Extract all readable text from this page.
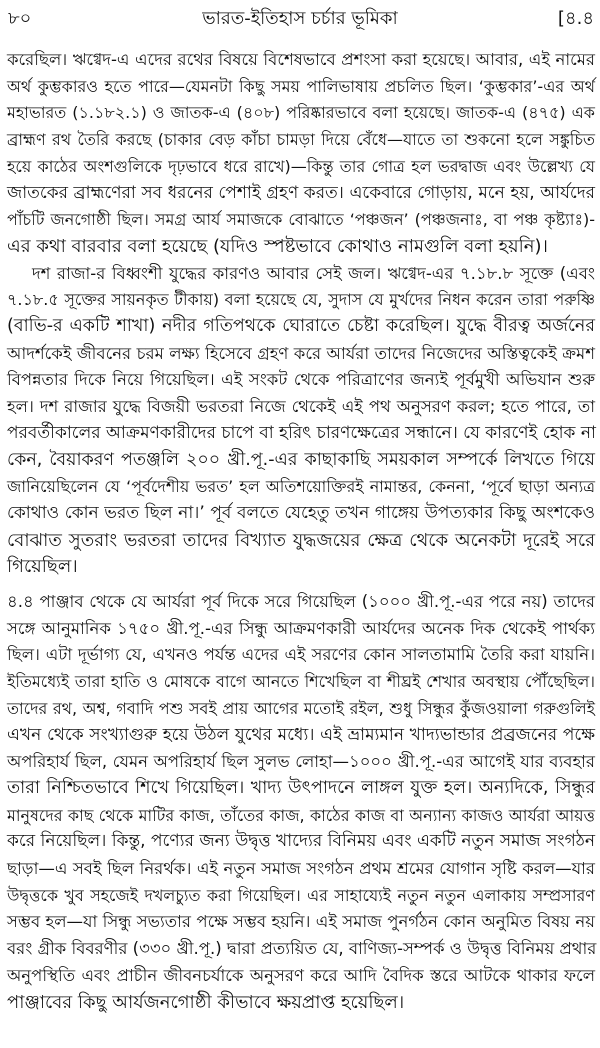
৮০	ভারত-ইতিহাস চর্চার ভূমিকা	[৪.৪
করেছিল। ঋগ্বেদ-এ এদের রথের বিষয়ে বিশেষভাবে প্রশংসা করা হয়েছে। আবার, এই নামের
অর্থ কুম্ভকারও হতে পারে—যেমনটা কিছু সময় পালিভাষায় প্রচলিত ছিল। ‘কুম্ভকার’-এর অর্থ
মহাভারত (১.১৮২.১) ও জাতক-এ (৪০৮) পরিষ্কারভাবে বলা হয়েছে। জাতক-এ (৪৭৫) এক
ব্রাহ্মণ রথ তৈরি করছে (চাকার বেড় কাঁচা চামড়া দিয়ে বেঁধে—যাতে তা শুকনো হলে সঙ্কুচিত
হয়ে কাঠের অংশগুলিকে দৃঢ়ভাবে ধরে রাখে)—কিন্তু তার গোত্র হল ভরদ্বাজ এবং উল্লেখ্য যে
জাতকের ব্রাহ্মণেরা সব ধরনের পেশাই গ্রহণ করত। একেবারে গোড়ায়, মনে হয়, আর্যদের
পাঁচটি জনগোষ্ঠী ছিল। সমগ্র আর্য সমাজকে বোঝাতে ‘পঞ্চজন’ (পঞ্চজনাঃ, বা পঞ্চ কৃষ্ট্যাঃ)-
এর কথা বারবার বলা হয়েছে (যদিও স্পষ্টভাবে কোথাও নামগুলি বলা হয়নি)।
দশ রাজা-র বিধ্বংশী যুদ্ধের কারণও আবার সেই জল। ঋগ্বেদ-এর ৭.১৮.৮ সূক্তে (এবং
৭.১৮.৫ সূক্তের সায়নকৃত টীকায়) বলা হয়েছে যে, সুদাস যে মুর্খদের নিধন করেন তারা পরুষ্ণি
(বাভি-র একটি শাখা) নদীর গতিপথকে ঘোরাতে চেষ্টা করেছিল। যুদ্ধে বীরত্ব অর্জনের
আদর্শকেই জীবনের চরম লক্ষ্য হিসেবে গ্রহণ করে আর্যরা তাদের নিজেদের অস্তিত্বকেই ক্রমশ
বিপন্নতার দিকে নিয়ে গিয়েছিল। এই সংকট থেকে পরিত্রাণের জন্যই পূর্বমুখী অভিযান শুরু
হল। দশ রাজার যুদ্ধে বিজয়ী ভরতরা নিজে থেকেই এই পথ অনুসরণ করল; হতে পারে, তা
পরবর্তীকালের আক্রমণকারীদের চাপে বা হরিৎ চারণক্ষেত্রের সন্ধানে। যে কারণেই হোক না
কেন, বৈয়াকরণ পতঞ্জলি ২০০ খ্রী.পূ.-এর কাছাকাছি সময়কাল সম্পর্কে লিখতে গিয়ে
জানিয়েছিলেন যে ‘পূর্বদেশীয় ভরত’ হল অতিশয়োক্তিরই নামান্তর, কেননা, ‘পূর্বে ছাড়া অন্যত্র
কোথাও কোন ভরত ছিল না।’ পূর্ব বলতে যেহেতু তখন গাঙ্গেয় উপত্যকার কিছু অংশকেও
বোঝাত সুতরাং ভরতরা তাদের বিখ্যাত যুদ্ধজয়ের ক্ষেত্র থেকে অনেকটা দূরেই সরে
গিয়েছিল।
৪.৪ পাঞ্জাব থেকে যে আর্যরা পূর্ব দিকে সরে গিয়েছিল (১০০০ খ্রী.পূ.-এর পরে নয়) তাদের
সঙ্গে আনুমানিক ১৭৫০ খ্রী.পূ.-এর সিন্ধু আক্রমণকারী আর্যদের অনেক দিক থেকেই পার্থক্য
ছিল। এটা দূর্ভাগ্য যে, এখনও পর্যন্ত এদের এই সরণের কোন সালতামামি তৈরি করা যায়নি।
ইতিমধ্যেই তারা হাতি ও মোষকে বাগে আনতে শিখেছিল বা শীঘ্রই শেখার অবস্থায় পৌঁছেছিল।
তাদের রথ, অশ্ব, গবাদি পশু সবই প্রায় আগের মতোই রইল, শুধু সিন্ধুর কুঁজওয়ালা গরুগুলিই
এখন থেকে সংখ্যাগুরু হয়ে উঠল যুথের মধ্যে। এই ভ্রাম্যমান খাদ্যভান্ডার প্রব্রজনের পক্ষে
অপরিহার্য ছিল, যেমন অপরিহার্য ছিল সুলভ লোহা—১০০০ খ্রী.পূ.-এর আগেই যার ব্যবহার
তারা নিশ্চিতভাবে শিখে গিয়েছিল। খাদ্য উৎপাদনে লাঙ্গল যুক্ত হল। অন্যদিকে, সিন্ধুর
মানুষদের কাছ থেকে মাটির কাজ, তাঁতের কাজ, কাঠের কাজ বা অন্যান্য কাজও আর্যরা আয়ত্ত
করে নিয়েছিল। কিন্তু, পণ্যের জন্য উদ্বৃত্ত খাদ্যের বিনিময় এবং একটি নতুন সমাজ সংগঠন
ছাড়া—এ সবই ছিল নিরর্থক। এই নতুন সমাজ সংগঠন প্রথম শ্রমের যোগান সৃষ্টি করল—যার
উদ্বৃত্তকে খুব সহজেই দখলচ্যুত করা গিয়েছিল। এর সাহায্যেই নতুন নতুন এলাকায় সম্প্রসারণ
সম্ভব হল—যা সিন্ধু সভ্যতার পক্ষে সম্ভব হয়নি। এই সমাজ পুনর্গঠন কোন অনুমিত বিষয় নয়
বরং গ্রীক বিবরণীর (৩৩০ খ্রী.পূ.) দ্বারা প্রত্যয়িত যে, বাণিজ্য-সম্পর্ক ও উদ্বৃত্ত বিনিময় প্রথার
অনুপস্থিতি এবং প্রাচীন জীবনচর্যাকে অনুসরণ করে আদি বৈদিক স্তরে আটকে থাকার ফলে
পাঞ্জাবের কিছু আর্যজনগোষ্ঠী কীভাবে ক্ষয়প্রাপ্ত হয়েছিল।
